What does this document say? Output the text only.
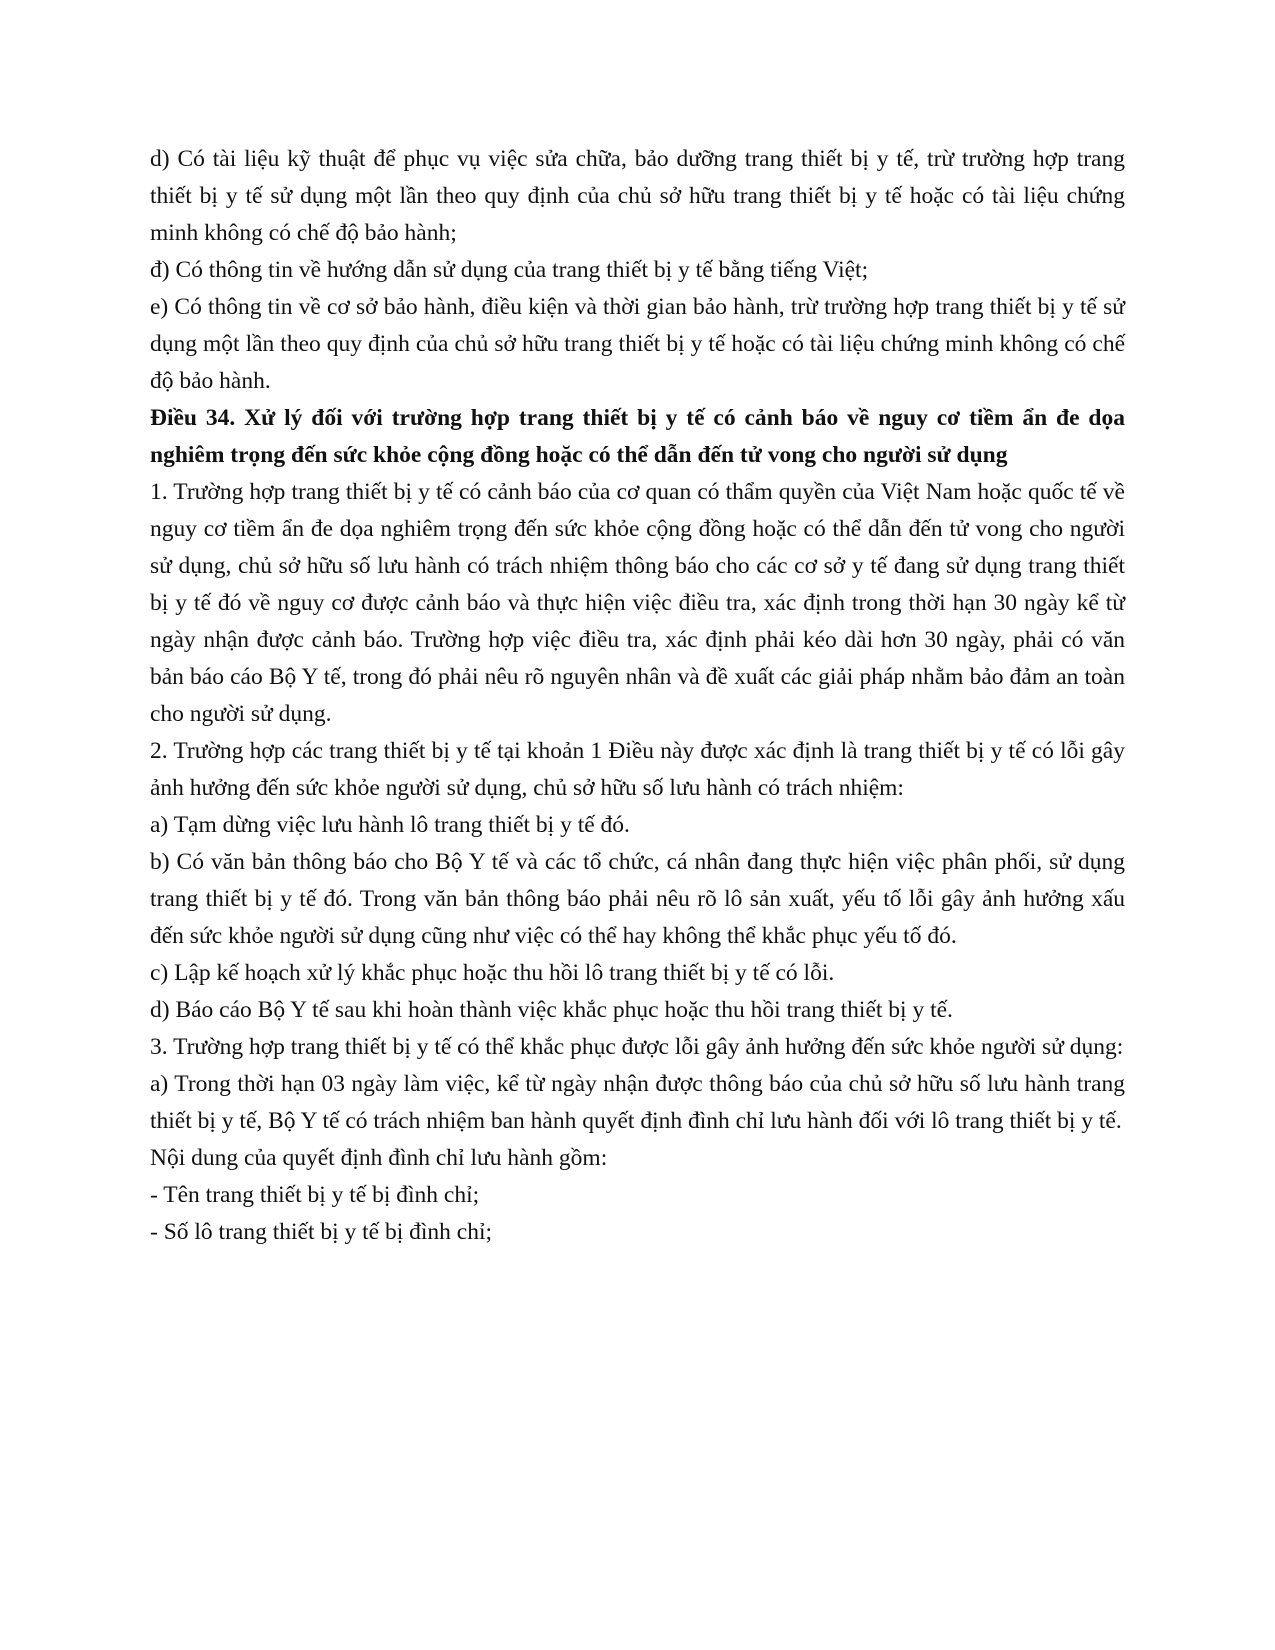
d) Có tài liệu kỹ thuật để phục vụ việc sửa chữa, bảo dưỡng trang thiết bị y tế, trừ trường hợp trang thiết bị y tế sử dụng một lần theo quy định của chủ sở hữu trang thiết bị y tế hoặc có tài liệu chứng minh không có chế độ bảo hành;

đ) Có thông tin về hướng dẫn sử dụng của trang thiết bị y tế bằng tiếng Việt;

e) Có thông tin về cơ sở bảo hành, điều kiện và thời gian bảo hành, trừ trường hợp trang thiết bị y tế sử dụng một lần theo quy định của chủ sở hữu trang thiết bị y tế hoặc có tài liệu chứng minh không có chế độ bảo hành.

Điều 34. Xử lý đối với trường hợp trang thiết bị y tế có cảnh báo về nguy cơ tiềm ẩn đe dọa nghiêm trọng đến sức khỏe cộng đồng hoặc có thể dẫn đến tử vong cho người sử dụng

1. Trường hợp trang thiết bị y tế có cảnh báo của cơ quan có thẩm quyền của Việt Nam hoặc quốc tế về nguy cơ tiềm ẩn đe dọa nghiêm trọng đến sức khỏe cộng đồng hoặc có thể dẫn đến tử vong cho người sử dụng, chủ sở hữu số lưu hành có trách nhiệm thông báo cho các cơ sở y tế đang sử dụng trang thiết bị y tế đó về nguy cơ được cảnh báo và thực hiện việc điều tra, xác định trong thời hạn 30 ngày kể từ ngày nhận được cảnh báo. Trường hợp việc điều tra, xác định phải kéo dài hơn 30 ngày, phải có văn bản báo cáo Bộ Y tế, trong đó phải nêu rõ nguyên nhân và đề xuất các giải pháp nhằm bảo đảm an toàn cho người sử dụng.

2. Trường hợp các trang thiết bị y tế tại khoản 1 Điều này được xác định là trang thiết bị y tế có lỗi gây ảnh hưởng đến sức khỏe người sử dụng, chủ sở hữu số lưu hành có trách nhiệm:

a) Tạm dừng việc lưu hành lô trang thiết bị y tế đó.

b) Có văn bản thông báo cho Bộ Y tế và các tổ chức, cá nhân đang thực hiện việc phân phối, sử dụng trang thiết bị y tế đó. Trong văn bản thông báo phải nêu rõ lô sản xuất, yếu tố lỗi gây ảnh hưởng xấu đến sức khỏe người sử dụng cũng như việc có thể hay không thể khắc phục yếu tố đó.

c) Lập kế hoạch xử lý khắc phục hoặc thu hồi lô trang thiết bị y tế có lỗi.

d) Báo cáo Bộ Y tế sau khi hoàn thành việc khắc phục hoặc thu hồi trang thiết bị y tế.

3. Trường hợp trang thiết bị y tế có thể khắc phục được lỗi gây ảnh hưởng đến sức khỏe người sử dụng:

a) Trong thời hạn 03 ngày làm việc, kể từ ngày nhận được thông báo của chủ sở hữu số lưu hành trang thiết bị y tế, Bộ Y tế có trách nhiệm ban hành quyết định đình chỉ lưu hành đối với lô trang thiết bị y tế.

Nội dung của quyết định đình chỉ lưu hành gồm:

- Tên trang thiết bị y tế bị đình chỉ;

- Số lô trang thiết bị y tế bị đình chỉ;
